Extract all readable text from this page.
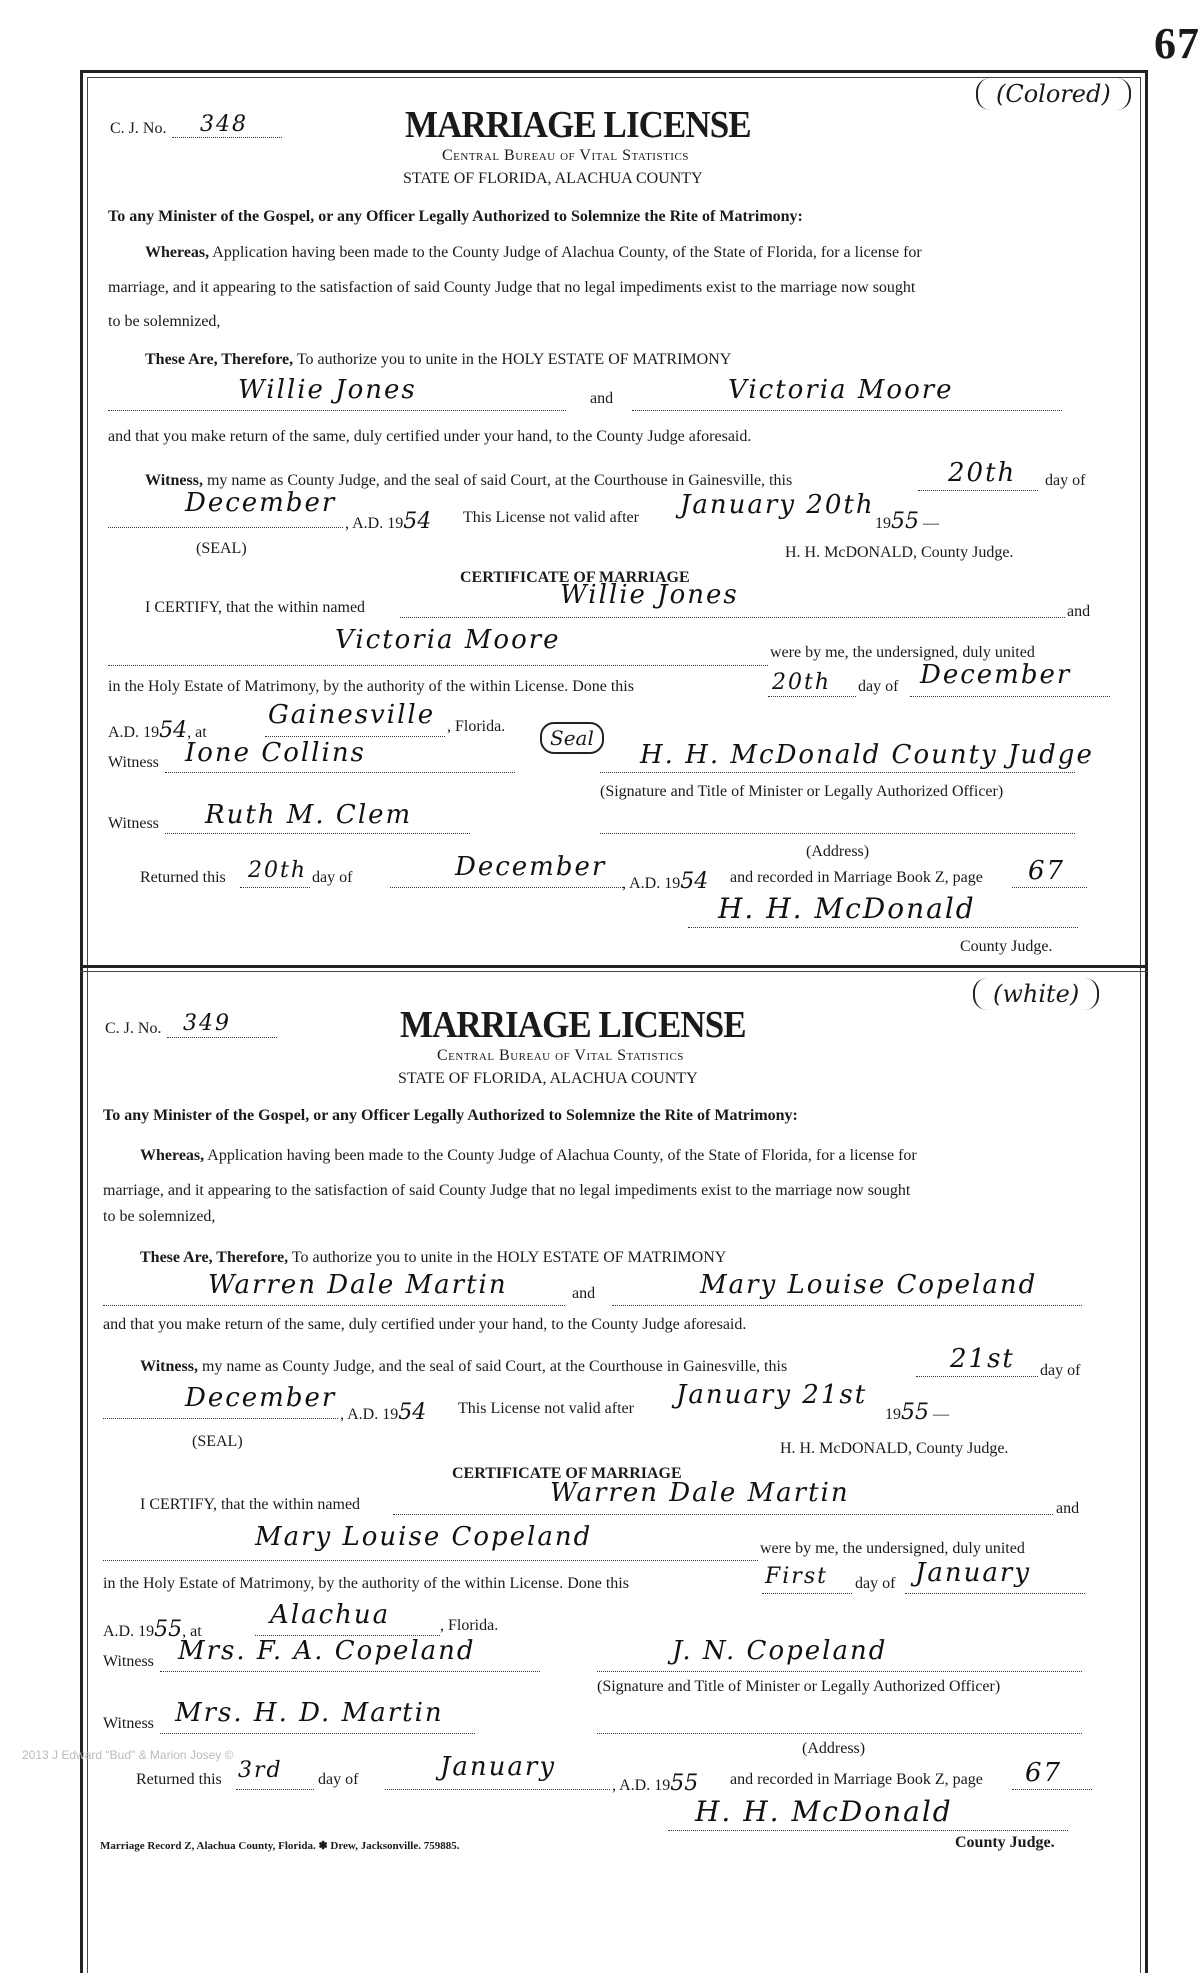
67
(Colored)
C. J. No. 348	MARRIAGE LICENSE
Central Bureau of Vital Statistics
STATE OF FLORIDA, ALACHUA COUNTY
To any Minister of the Gospel, or any Officer Legally Authorized to Solemnize the Rite of Matrimony:
Whereas, Application having been made to the County Judge of Alachua County, of the State of Florida, for a license for
marriage, and it appearing to the satisfaction of said County Judge that no legal impediments exist to the marriage now sought
to be solemnized,
These Are, Therefore, To authorize you to unite in the HOLY ESTATE OF MATRIMONY
Willie Jones	and	Victoria Moore
and that you make return of the same, duly certified under your hand, to the County Judge aforesaid.
Witness, my name as County Judge, and the seal of said Court, at the Courthouse in Gainesville, this	20th day of
December
, A.D. 1954 This License not valid after January 20th
1955 —
(SEAL)	H. H. McDONALD, County Judge.
CERTIFICATE OF MARRIAGE
I CERTIFY, that the within named	Willie Jones
and
Victoria Moore	were by me, the undersigned, duly united
in the Holy Estate of Matrimony, by the authority of the within License. Done this	20th day of December
A.D. 1954, at
Gainesville , Florida.
Witness Ione Collins	Seal
H. H. McDonald County Judge
(Signature and Title of Minister or Legally Authorized Officer)
Witness Ruth M. Clem
(Address)
Returned this 20th day of	December
, A.D. 1954 and recorded in Marriage Book Z, page 67
H. H. McDonald
County Judge.
(white)
C. J. No. 349	MARRIAGE LICENSE
Central Bureau of Vital Statistics
STATE OF FLORIDA, ALACHUA COUNTY
To any Minister of the Gospel, or any Officer Legally Authorized to Solemnize the Rite of Matrimony:
Whereas, Application having been made to the County Judge of Alachua County, of the State of Florida, for a license for
marriage, and it appearing to the satisfaction of said County Judge that no legal impediments exist to the marriage now sought
to be solemnized,
These Are, Therefore, To authorize you to unite in the HOLY ESTATE OF MATRIMONY
Warren Dale Martin	and	Mary Louise Copeland
and that you make return of the same, duly certified under your hand, to the County Judge aforesaid.
Witness, my name as County Judge, and the seal of said Court, at the Courthouse in Gainesville, this	21st day of
December
, A.D. 1954 This License not valid after January 21st
1955 —
(SEAL)	H. H. McDONALD, County Judge.
CERTIFICATE OF MARRIAGE
I CERTIFY, that the within named	Warren Dale Martin
and
Mary Louise Copeland	were by me, the undersigned, duly united
in the Holy Estate of Matrimony, by the authority of the within License. Done this	First day of January
A.D. 1955, at
Alachua	, Florida.
Witness Mrs. F. A. Copeland	J. N. Copeland
(Signature and Title of Minister or Legally Authorized Officer)
Witness Mrs. H. D. Martin
(Address)
Returned this 3rd day of	January
, A.D. 1955 and recorded in Marriage Book Z, page 67
H. H. McDonald
County Judge.
2013 J Edward "Bud" & Marion Josey ©
Marriage Record Z, Alachua County, Florida. ✽ Drew, Jacksonville. 759885.
